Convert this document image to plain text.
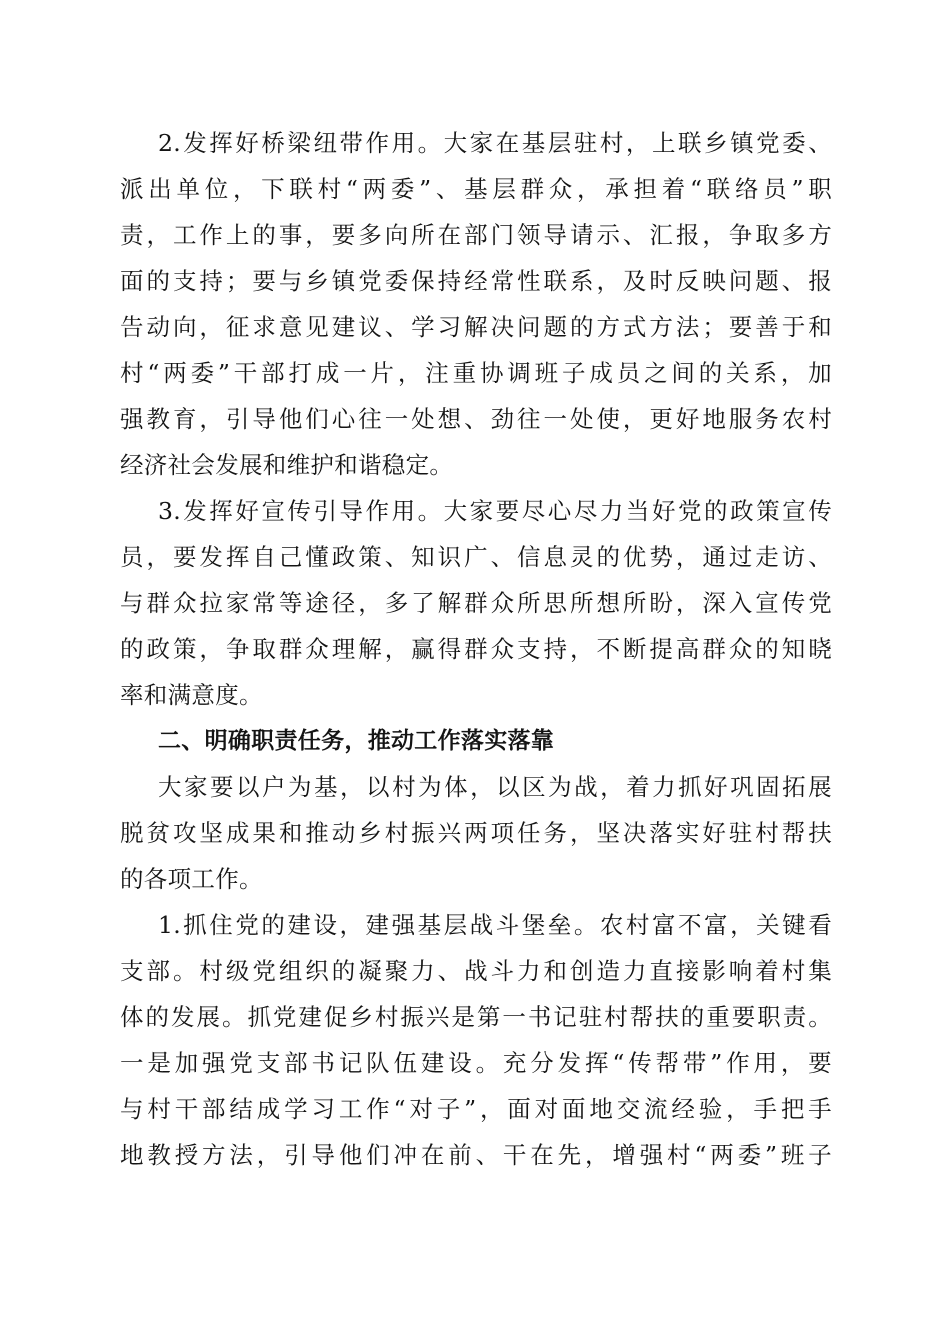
2.发挥好桥梁纽带作用。大家在基层驻村，上联乡镇党委、
派出单位，下联村“两委”、基层群众，承担着“联络员”职
责，工作上的事，要多向所在部门领导请示、汇报，争取多方
面的支持；要与乡镇党委保持经常性联系，及时反映问题、报
告动向，征求意见建议、学习解决问题的方式方法；要善于和
村“两委”干部打成一片，注重协调班子成员之间的关系，加
强教育，引导他们心往一处想、劲往一处使，更好地服务农村
经济社会发展和维护和谐稳定。
3.发挥好宣传引导作用。大家要尽心尽力当好党的政策宣传
员，要发挥自己懂政策、知识广、信息灵的优势，通过走访、
与群众拉家常等途径，多了解群众所思所想所盼，深入宣传党
的政策，争取群众理解，赢得群众支持，不断提高群众的知晓
率和满意度。
二、明确职责任务，推动工作落实落靠
大家要以户为基，以村为体，以区为战，着力抓好巩固拓展
脱贫攻坚成果和推动乡村振兴两项任务，坚决落实好驻村帮扶
的各项工作。
1.抓住党的建设，建强基层战斗堡垒。农村富不富，关键看
支部。村级党组织的凝聚力、战斗力和创造力直接影响着村集
体的发展。抓党建促乡村振兴是第一书记驻村帮扶的重要职责。
一是加强党支部书记队伍建设。充分发挥“传帮带”作用，要
与村干部结成学习工作“对子”，面对面地交流经验，手把手
地教授方法，引导他们冲在前、干在先，增强村“两委”班子
